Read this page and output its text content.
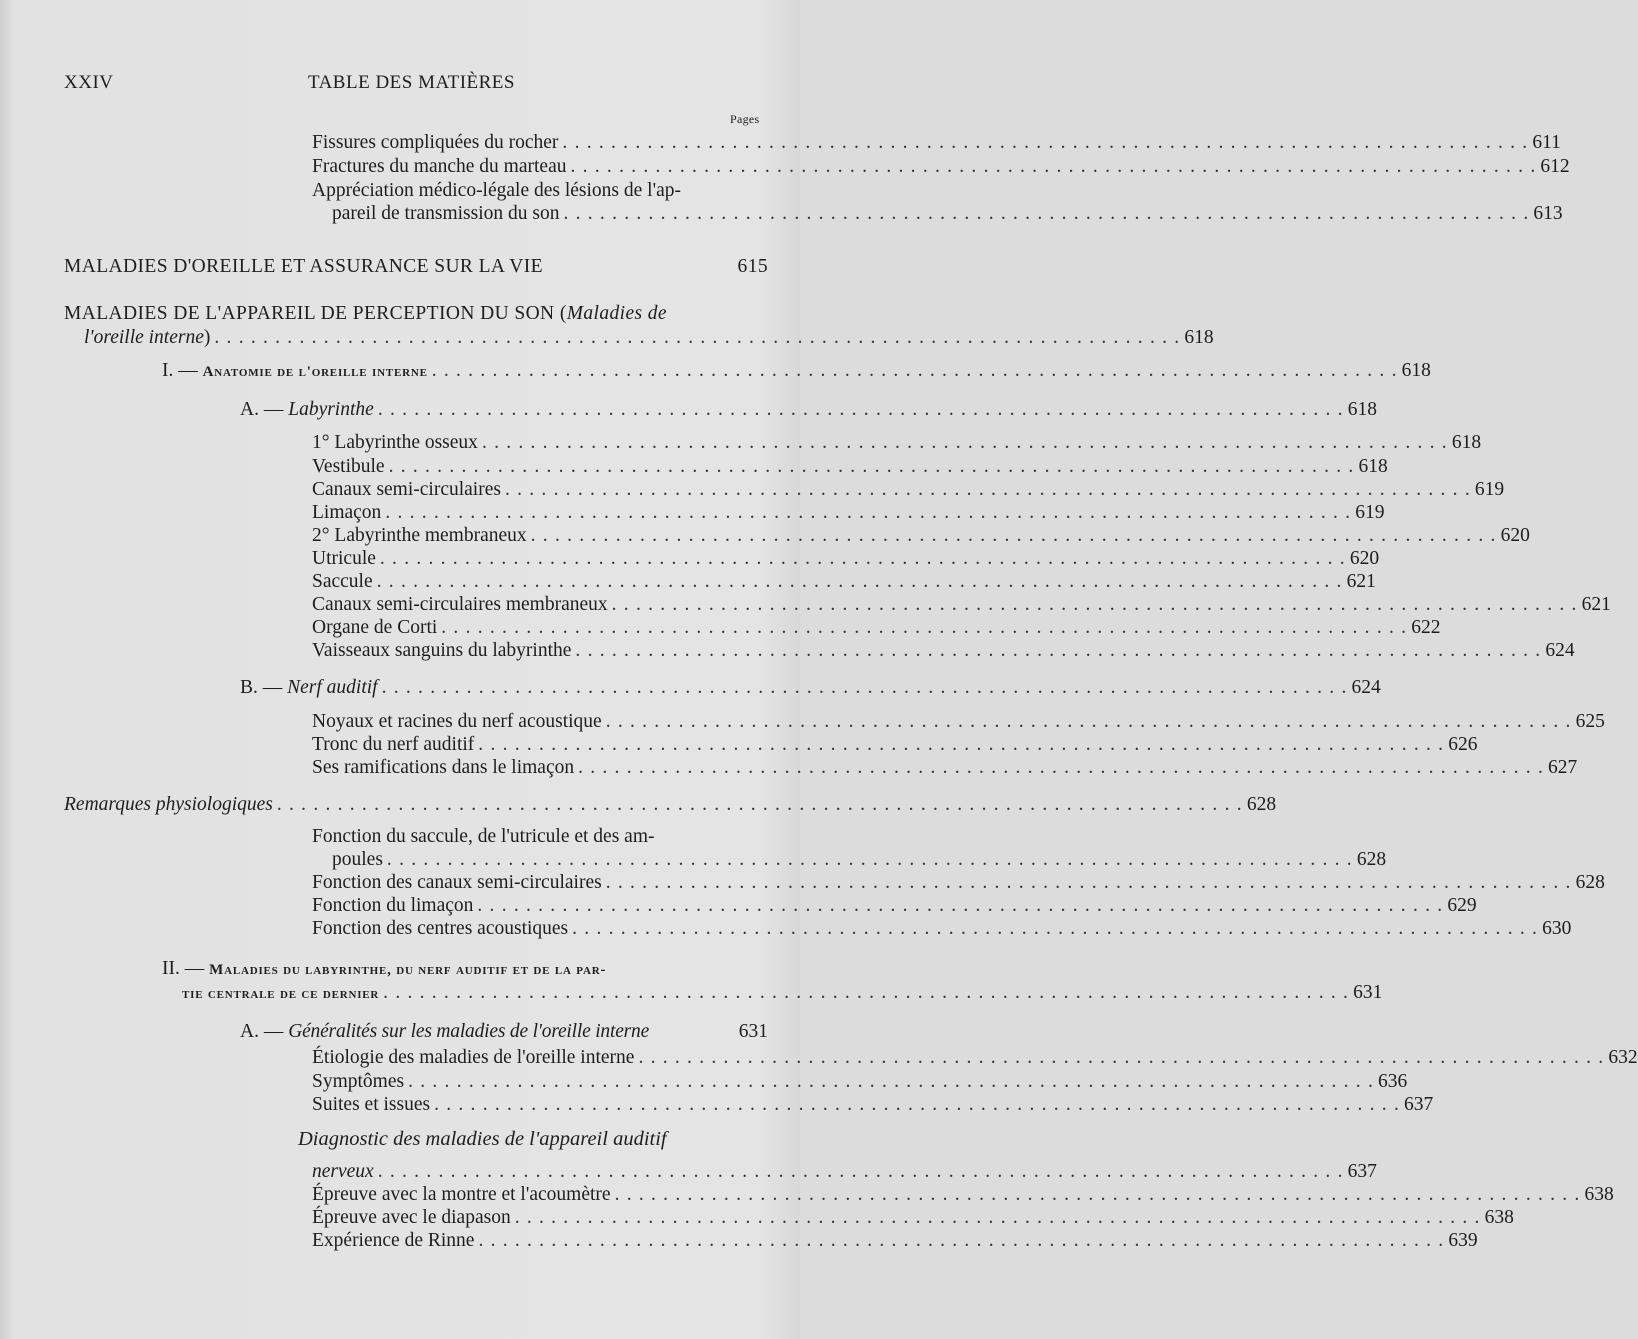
XXIV	TABLE DES MATIÈRES
Pages
Fissures compliquées du rocher . . . . . . . . . . . . . . . . . . . . . . . . . . . . . . . . . . . . . . . . . . . . . . . . . . . . . . . . . . . . . . . . . . . . . . . . . . . . . . . . 611
Fractures du manche du marteau . . . . . . . . . . . . . . . . . . . . . . . . . . . . . . . . . . . . . . . . . . . . . . . . . . . . . . . . . . . . . . . . . . . . . . . . . . . . . . . . 612
Appréciation médico-légale des lésions de l'ap-
pareil de transmission du son . . . . . . . . . . . . . . . . . . . . . . . . . . . . . . . . . . . . . . . . . . . . . . . . . . . . . . . . . . . . . . . . . . . . . . . . . . . . . . . . 613
MALADIES D'OREILLE ET ASSURANCE SUR LA VIE	615
MALADIES DE L'APPAREIL DE PERCEPTION DU SON (Maladies de
l'oreille interne) . . . . . . . . . . . . . . . . . . . . . . . . . . . . . . . . . . . . . . . . . . . . . . . . . . . . . . . . . . . . . . . . . . . . . . . . . . . . . . . . 618
I. — Anatomie de l'oreille interne . . . . . . . . . . . . . . . . . . . . . . . . . . . . . . . . . . . . . . . . . . . . . . . . . . . . . . . . . . . . . . . . . . . . . . . . . . . . . . . . 618
A. — Labyrinthe . . . . . . . . . . . . . . . . . . . . . . . . . . . . . . . . . . . . . . . . . . . . . . . . . . . . . . . . . . . . . . . . . . . . . . . . . . . . . . . . 618
1° Labyrinthe osseux . . . . . . . . . . . . . . . . . . . . . . . . . . . . . . . . . . . . . . . . . . . . . . . . . . . . . . . . . . . . . . . . . . . . . . . . . . . . . . . . 618
Vestibule . . . . . . . . . . . . . . . . . . . . . . . . . . . . . . . . . . . . . . . . . . . . . . . . . . . . . . . . . . . . . . . . . . . . . . . . . . . . . . . . 618
Canaux semi-circulaires . . . . . . . . . . . . . . . . . . . . . . . . . . . . . . . . . . . . . . . . . . . . . . . . . . . . . . . . . . . . . . . . . . . . . . . . . . . . . . . . 619
Limaçon . . . . . . . . . . . . . . . . . . . . . . . . . . . . . . . . . . . . . . . . . . . . . . . . . . . . . . . . . . . . . . . . . . . . . . . . . . . . . . . . 619
2° Labyrinthe membraneux . . . . . . . . . . . . . . . . . . . . . . . . . . . . . . . . . . . . . . . . . . . . . . . . . . . . . . . . . . . . . . . . . . . . . . . . . . . . . . . . 620
Utricule . . . . . . . . . . . . . . . . . . . . . . . . . . . . . . . . . . . . . . . . . . . . . . . . . . . . . . . . . . . . . . . . . . . . . . . . . . . . . . . . 620
Saccule . . . . . . . . . . . . . . . . . . . . . . . . . . . . . . . . . . . . . . . . . . . . . . . . . . . . . . . . . . . . . . . . . . . . . . . . . . . . . . . . 621
Canaux semi-circulaires membraneux . . . . . . . . . . . . . . . . . . . . . . . . . . . . . . . . . . . . . . . . . . . . . . . . . . . . . . . . . . . . . . . . . . . . . . . . . . . . . . . . 621
Organe de Corti . . . . . . . . . . . . . . . . . . . . . . . . . . . . . . . . . . . . . . . . . . . . . . . . . . . . . . . . . . . . . . . . . . . . . . . . . . . . . . . . 622
Vaisseaux sanguins du labyrinthe . . . . . . . . . . . . . . . . . . . . . . . . . . . . . . . . . . . . . . . . . . . . . . . . . . . . . . . . . . . . . . . . . . . . . . . . . . . . . . . . 624
B. — Nerf auditif . . . . . . . . . . . . . . . . . . . . . . . . . . . . . . . . . . . . . . . . . . . . . . . . . . . . . . . . . . . . . . . . . . . . . . . . . . . . . . . . 624
Noyaux et racines du nerf acoustique . . . . . . . . . . . . . . . . . . . . . . . . . . . . . . . . . . . . . . . . . . . . . . . . . . . . . . . . . . . . . . . . . . . . . . . . . . . . . . . . 625
Tronc du nerf auditif . . . . . . . . . . . . . . . . . . . . . . . . . . . . . . . . . . . . . . . . . . . . . . . . . . . . . . . . . . . . . . . . . . . . . . . . . . . . . . . . 626
Ses ramifications dans le limaçon . . . . . . . . . . . . . . . . . . . . . . . . . . . . . . . . . . . . . . . . . . . . . . . . . . . . . . . . . . . . . . . . . . . . . . . . . . . . . . . . 627
Remarques physiologiques . . . . . . . . . . . . . . . . . . . . . . . . . . . . . . . . . . . . . . . . . . . . . . . . . . . . . . . . . . . . . . . . . . . . . . . . . . . . . . . . 628
Fonction du saccule, de l'utricule et des am-
poules . . . . . . . . . . . . . . . . . . . . . . . . . . . . . . . . . . . . . . . . . . . . . . . . . . . . . . . . . . . . . . . . . . . . . . . . . . . . . . . . 628
Fonction des canaux semi-circulaires . . . . . . . . . . . . . . . . . . . . . . . . . . . . . . . . . . . . . . . . . . . . . . . . . . . . . . . . . . . . . . . . . . . . . . . . . . . . . . . . 628
Fonction du limaçon . . . . . . . . . . . . . . . . . . . . . . . . . . . . . . . . . . . . . . . . . . . . . . . . . . . . . . . . . . . . . . . . . . . . . . . . . . . . . . . . 629
Fonction des centres acoustiques . . . . . . . . . . . . . . . . . . . . . . . . . . . . . . . . . . . . . . . . . . . . . . . . . . . . . . . . . . . . . . . . . . . . . . . . . . . . . . . . 630
II. — Maladies du labyrinthe, du nerf auditif et de la par-
tie centrale de ce dernier . . . . . . . . . . . . . . . . . . . . . . . . . . . . . . . . . . . . . . . . . . . . . . . . . . . . . . . . . . . . . . . . . . . . . . . . . . . . . . . . 631
A. — Généralités sur les maladies de l'oreille interne	631
Étiologie des maladies de l'oreille interne . . . . . . . . . . . . . . . . . . . . . . . . . . . . . . . . . . . . . . . . . . . . . . . . . . . . . . . . . . . . . . . . . . . . . . . . . . . . . . . . 632
Symptômes . . . . . . . . . . . . . . . . . . . . . . . . . . . . . . . . . . . . . . . . . . . . . . . . . . . . . . . . . . . . . . . . . . . . . . . . . . . . . . . . 636
Suites et issues . . . . . . . . . . . . . . . . . . . . . . . . . . . . . . . . . . . . . . . . . . . . . . . . . . . . . . . . . . . . . . . . . . . . . . . . . . . . . . . . 637
Diagnostic des maladies de l'appareil auditif
nerveux . . . . . . . . . . . . . . . . . . . . . . . . . . . . . . . . . . . . . . . . . . . . . . . . . . . . . . . . . . . . . . . . . . . . . . . . . . . . . . . . 637
Épreuve avec la montre et l'acoumètre . . . . . . . . . . . . . . . . . . . . . . . . . . . . . . . . . . . . . . . . . . . . . . . . . . . . . . . . . . . . . . . . . . . . . . . . . . . . . . . . 638
Épreuve avec le diapason . . . . . . . . . . . . . . . . . . . . . . . . . . . . . . . . . . . . . . . . . . . . . . . . . . . . . . . . . . . . . . . . . . . . . . . . . . . . . . . . 638
Expérience de Rinne . . . . . . . . . . . . . . . . . . . . . . . . . . . . . . . . . . . . . . . . . . . . . . . . . . . . . . . . . . . . . . . . . . . . . . . . . . . . . . . . 639
